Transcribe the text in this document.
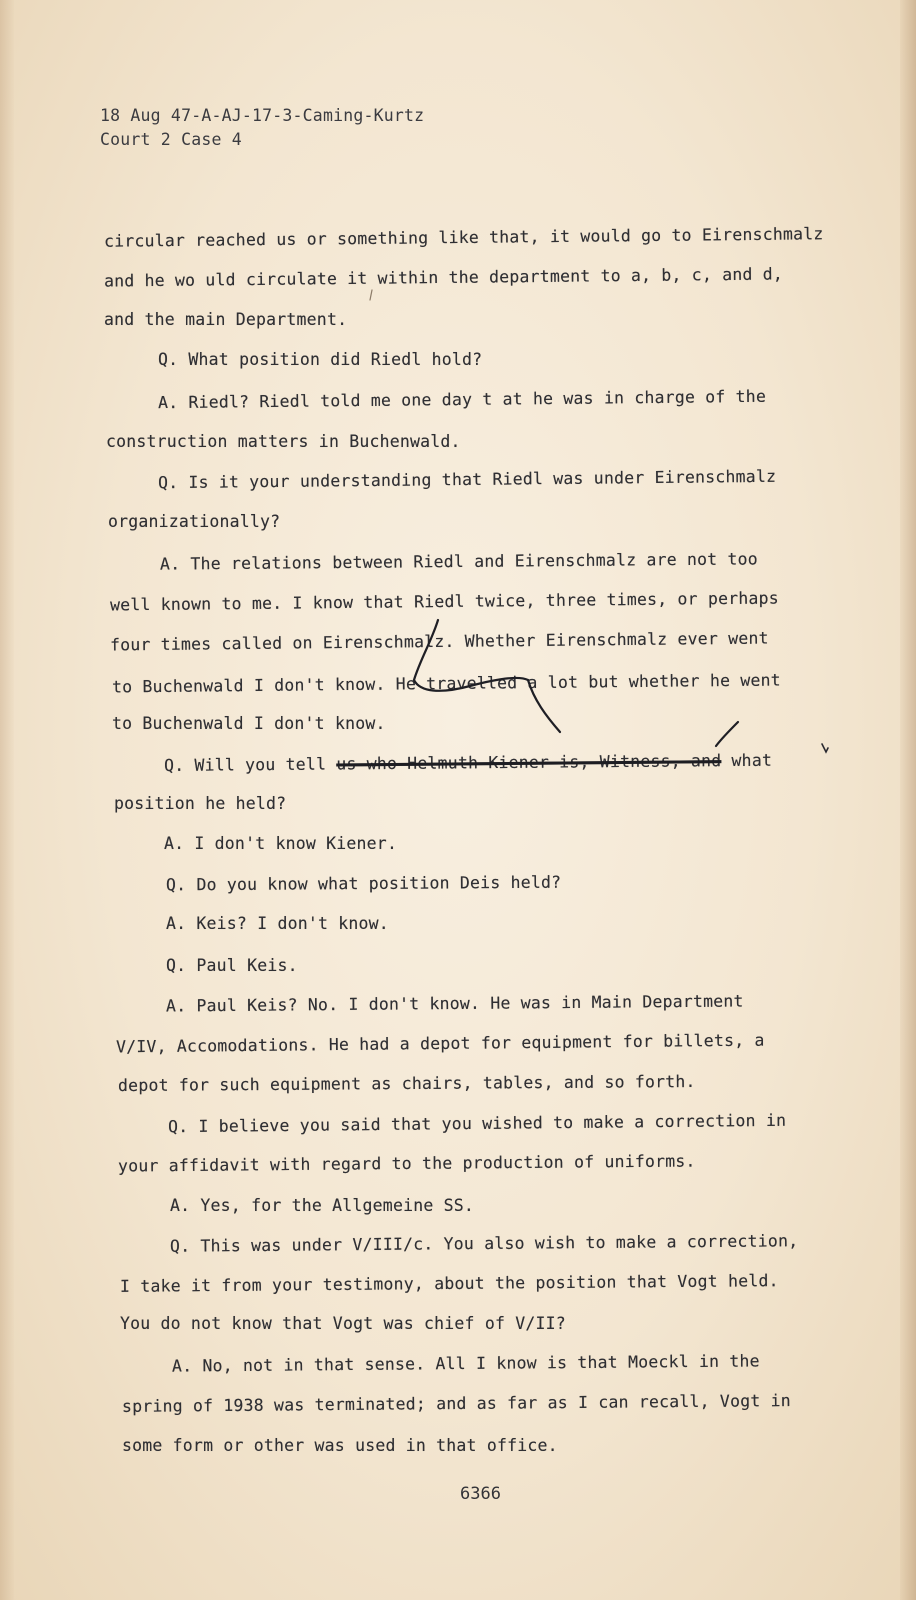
18 Aug 47-A-AJ-17-3-Caming-Kurtz
Court 2 Case 4
circular reached us or something like that, it would go to Eirenschmalz
and he wo uld circulate it within the department to a, b, c, and d,
and the main Department.
Q. What position did Riedl hold?
A. Riedl? Riedl told me one day t at he was in charge of the
construction matters in Buchenwald.
Q. Is it your understanding that Riedl was under Eirenschmalz
organizationally?
A. The relations between Riedl and Eirenschmalz are not too
well known to me. I know that Riedl twice, three times, or perhaps
four times called on Eirenschmalz. Whether Eirenschmalz ever went
to Buchenwald I don't know. He travelled a lot but whether he went
to Buchenwald I don't know.
Q. Will you tell us who Helmuth Kiener is, Witness, and what
position he held?
A. I don't know Kiener.
Q. Do you know what position Deis held?
A. Keis? I don't know.
Q. Paul Keis.
A. Paul Keis? No. I don't know. He was in Main Department
V/IV, Accomodations. He had a depot for equipment for billets, a
depot for such equipment as chairs, tables, and so forth.
Q. I believe you said that you wished to make a correction in
your affidavit with regard to the production of uniforms.
A. Yes, for the Allgemeine SS.
Q. This was under V/III/c. You also wish to make a correction,
I take it from your testimony, about the position that Vogt held.
You do not know that Vogt was chief of V/II?
A. No, not in that sense. All I know is that Moeckl in the
spring of 1938 was terminated; and as far as I can recall, Vogt in
some form or other was used in that office.
6366
